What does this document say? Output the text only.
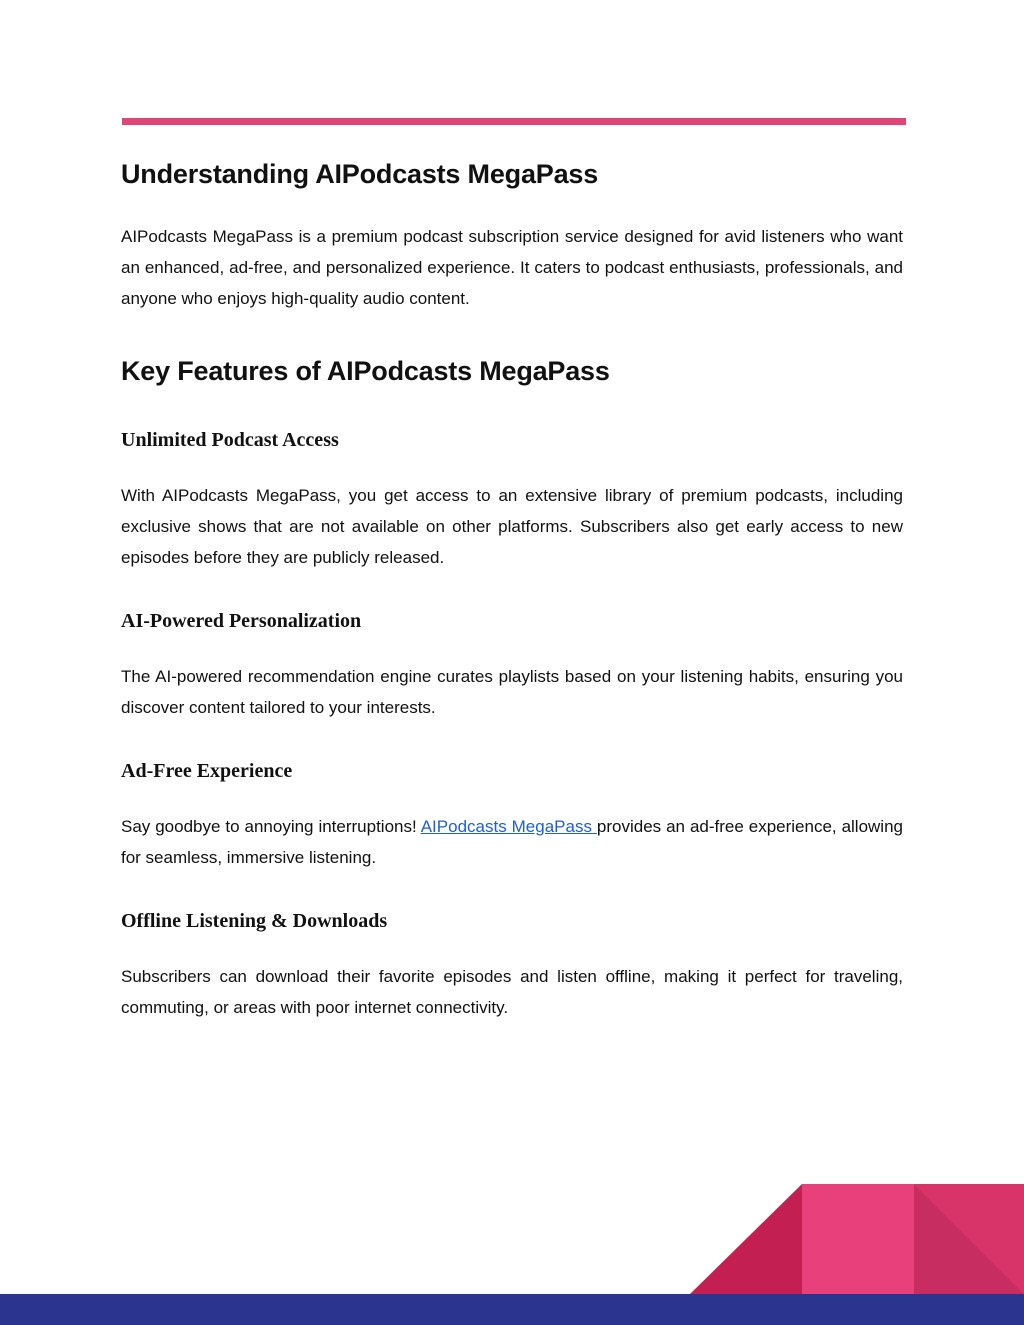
Understanding AIPodcasts MegaPass

AIPodcasts MegaPass is a premium podcast subscription service designed for avid listeners who want an enhanced, ad-free, and personalized experience. It caters to podcast enthusiasts, professionals, and anyone who enjoys high-quality audio content.

Key Features of AIPodcasts MegaPass
Unlimited Podcast Access

With AIPodcasts MegaPass, you get access to an extensive library of premium podcasts, including exclusive shows that are not available on other platforms. Subscribers also get early access to new episodes before they are publicly released.

AI-Powered Personalization

The AI-powered recommendation engine curates playlists based on your listening habits, ensuring you discover content tailored to your interests.

Ad-Free Experience

Say goodbye to annoying interruptions! AIPodcasts MegaPass provides an ad-free experience, allowing for seamless, immersive listening.

Offline Listening & Downloads

Subscribers can download their favorite episodes and listen offline, making it perfect for traveling, commuting, or areas with poor internet connectivity.
